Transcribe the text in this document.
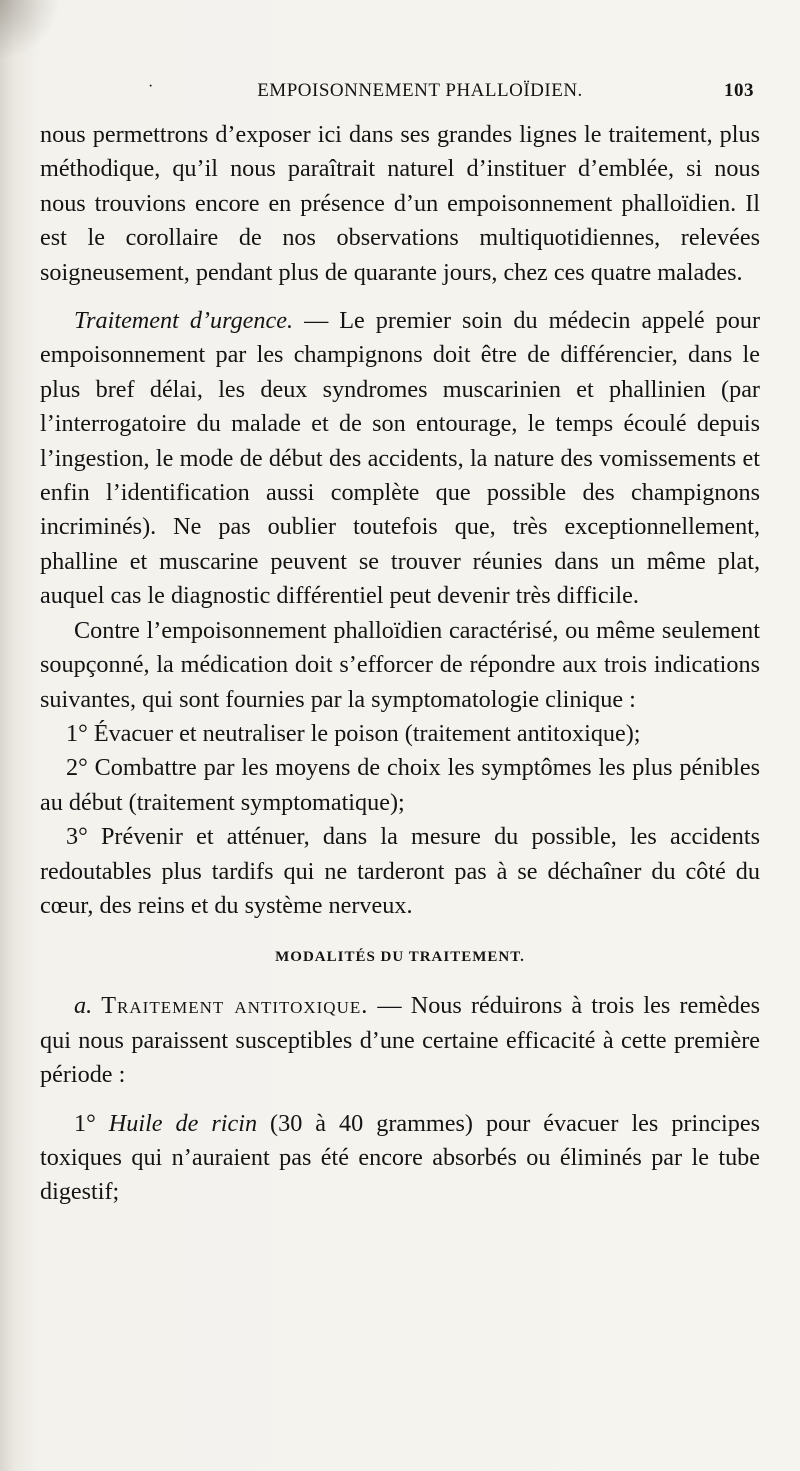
·	EMPOISONNEMENT PHALLOÏDIEN.	103

nous permettrons d’exposer ici dans ses grandes lignes le traitement, plus méthodique, qu’il nous paraîtrait naturel d’instituer d’emblée, si nous nous trouvions encore en présence d’un empoisonnement phalloïdien. Il est le corollaire de nos observations multiquotidiennes, relevées soigneusement, pendant plus de quarante jours, chez ces quatre malades.

Traitement d’urgence. — Le premier soin du médecin appelé pour empoisonnement par les champignons doit être de différencier, dans le plus bref délai, les deux syndromes muscarinien et phallinien (par l’interrogatoire du malade et de son entourage, le temps écoulé depuis l’ingestion, le mode de début des accidents, la nature des vomissements et enfin l’identification aussi complète que possible des champignons incriminés). Ne pas oublier toutefois que, très exceptionnellement, phalline et muscarine peuvent se trouver réunies dans un même plat, auquel cas le diagnostic différentiel peut devenir très difficile.

Contre l’empoisonnement phalloïdien caractérisé, ou même seulement soupçonné, la médication doit s’efforcer de répondre aux trois indications suivantes, qui sont fournies par la symptomatologie clinique :

1° Évacuer et neutraliser le poison (traitement antitoxique);

2° Combattre par les moyens de choix les symptômes les plus pénibles au début (traitement symptomatique);

3° Prévenir et atténuer, dans la mesure du possible, les accidents redoutables plus tardifs qui ne tarderont pas à se déchaîner du côté du cœur, des reins et du système nerveux.

MODALITÉS DU TRAITEMENT.

a. Traitement antitoxique. — Nous réduirons à trois les remèdes qui nous paraissent susceptibles d’une certaine efficacité à cette première période :

1° Huile de ricin (30 à 40 grammes) pour évacuer les principes toxiques qui n’auraient pas été encore absorbés ou éliminés par le tube digestif;
